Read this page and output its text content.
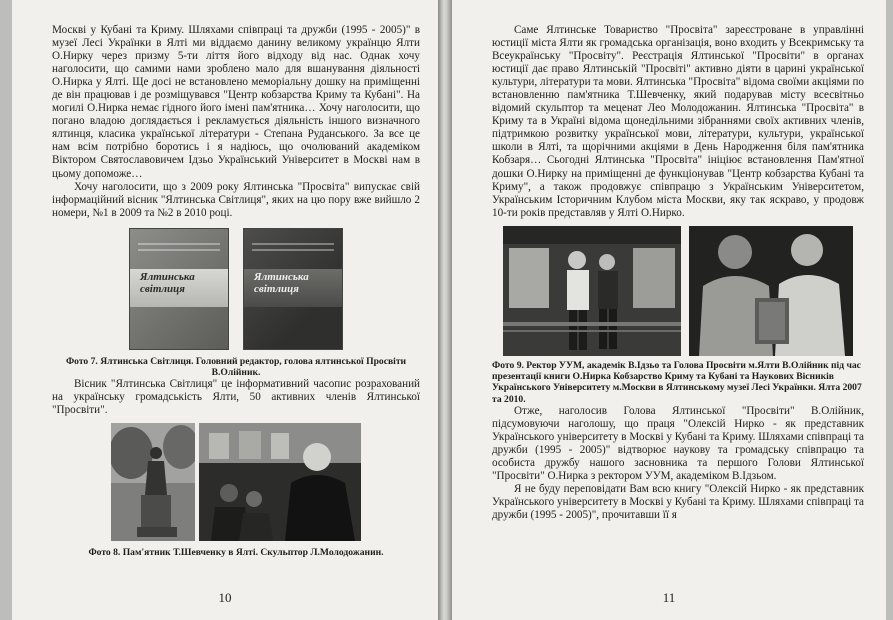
Москві у Кубані та Криму. Шляхами співпраці та дружби (1995 - 2005)" в музеї Лесі Українки в Ялті ми віддаємо данину великому українцю Ялти О.Нирку через призму 5-ти ліття його відходу від нас. Однак хочу наголосити, що самими нами зроблено мало для вшанування діяльності О.Нирка у Ялті. Ще досі не встановлено меморіальну дошку на приміщенні де він працював і де розміщувався "Центр кобзарства Криму та Кубані". На могилі О.Нирка немає гідного його імені пам'ятника… Хочу наголосити, що погано владою доглядається і рекламується діяльність іншого визначного ялтинця, класика української літератури - Степана Руданського. За все це нам всім потрібно боротись і я надіюсь, що очолюваний академіком Віктором Святославовичем Ідзьо Український Університет в Москві нам в цьому допоможе…

Хочу наголосити, що з 2009 року Ялтинська "Просвіта" випускає свій інформаційний вісник "Ялтинська Світлиця", яких на цю пору вже вийшло 2 номери, №1 в 2009 та №2 в 2010 році.

Ялтинська світлиця
Ялтинська світлиця

Фото 7. Ялтинська Світлиця. Головний редактор, голова ялтинської Просвіти В.Олійник.

Вісник "Ялтинська Світлиця" це інформативний часопис розрахований на українську громадськість Ялти, 50 активних членів Ялтинської "Просвіти".

Фото 8. Пам'ятник Т.Шевченку в Ялті. Скульптор Л.Молодожанин.

10

Саме Ялтинське Товариство "Просвіта" зареєстроване в управлінні юстиції міста Ялти як громадська організація, воно входить у Всекримську та Всеукраїнську "Просвіту". Реєстрація Ялтинської "Просвіти" в органах юстиції дає право Ялтинській "Просвіті" активно діяти в царині української культури, літератури та мови. Ялтинська "Просвіта" відома своїми акціями по встановленню пам'ятника Т.Шевченку, який подарував місту всесвітньо відомий скульптор та меценат Лео Молодожанин. Ялтинська "Просвіта" в Криму та в Україні відома щонедільними зібраннями своїх активних членів, підтримкою розвитку української мови, літератури, культури, української школи в Ялті, та щорічними акціями в День Народження біля пам'ятника Кобзаря… Сьогодні Ялтинська "Просвіта" ініціює встановлення Пам'ятної дошки О.Нирку на приміщенні де функціонував "Центр кобзарства Кубані та Криму", а також продовжує співпрацю з Українським Університетом, Українським Історичним Клубом міста Москви, яку так яскраво, у продовж 10-ти років представляв у Ялті О.Нирко.

Фото 9. Ректор УУМ, академік В.Ідзьо та Голова Просвіти м.Ялти В.Олійник під час презентації книги О.Нирка Кобзарство Криму та Кубані та Наукових Вісників Українського Університету м.Москви в Ялтинському музеї Лесі Українки. Ялта 2007 та 2010.

Отже, наголосив Голова Ялтинської "Просвіти" В.Олійник, підсумовуючи наголошу, що праця "Олексій Нирко - як представник Українського університету в Москві у Кубані та Криму. Шляхами співпраці та дружби (1995 - 2005)" відтворює наукову та громадську співпрацю та особиста дружбу нашого засновника та першого Голови Ялтинської "Просвіти" О.Нирка з ректором УУМ, академіком В.Ідзьом.

Я не буду переповідати Вам всю книгу "Олексій Нирко - як представник Українського університету в Москві у Кубані та Криму. Шляхами співпраці та дружби (1995 - 2005)", прочитавши її я

11
